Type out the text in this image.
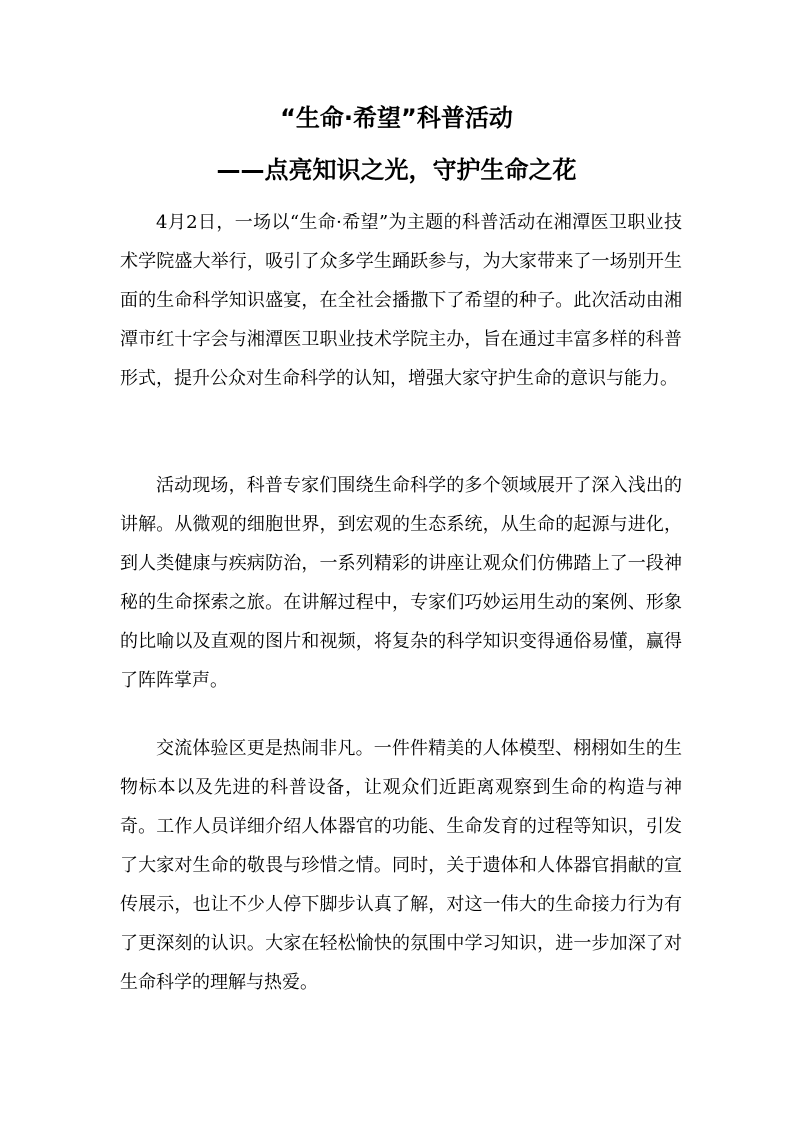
“生命·希望”科普活动
——点亮知识之光，守护生命之花

4月2日，一场以“生命·希望”为主题的科普活动在湘潭医卫职业技术学院盛大举行，吸引了众多学生踊跃参与，为大家带来了一场别开生面的生命科学知识盛宴，在全社会播撒下了希望的种子。此次活动由湘潭市红十字会与湘潭医卫职业技术学院主办，旨在通过丰富多样的科普形式，提升公众对生命科学的认知，增强大家守护生命的意识与能力。

活动现场，科普专家们围绕生命科学的多个领域展开了深入浅出的讲解。从微观的细胞世界，到宏观的生态系统，从生命的起源与进化，到人类健康与疾病防治，一系列精彩的讲座让观众们仿佛踏上了一段神秘的生命探索之旅。在讲解过程中，专家们巧妙运用生动的案例、形象的比喻以及直观的图片和视频，将复杂的科学知识变得通俗易懂，赢得了阵阵掌声。

交流体验区更是热闹非凡。一件件精美的人体模型、栩栩如生的生物标本以及先进的科普设备，让观众们近距离观察到生命的构造与神奇。工作人员详细介绍人体器官的功能、生命发育的过程等知识，引发了大家对生命的敬畏与珍惜之情。同时，关于遗体和人体器官捐献的宣传展示，也让不少人停下脚步认真了解，对这一伟大的生命接力行为有了更深刻的认识。大家在轻松愉快的氛围中学习知识，进一步加深了对生命科学的理解与热爱。
